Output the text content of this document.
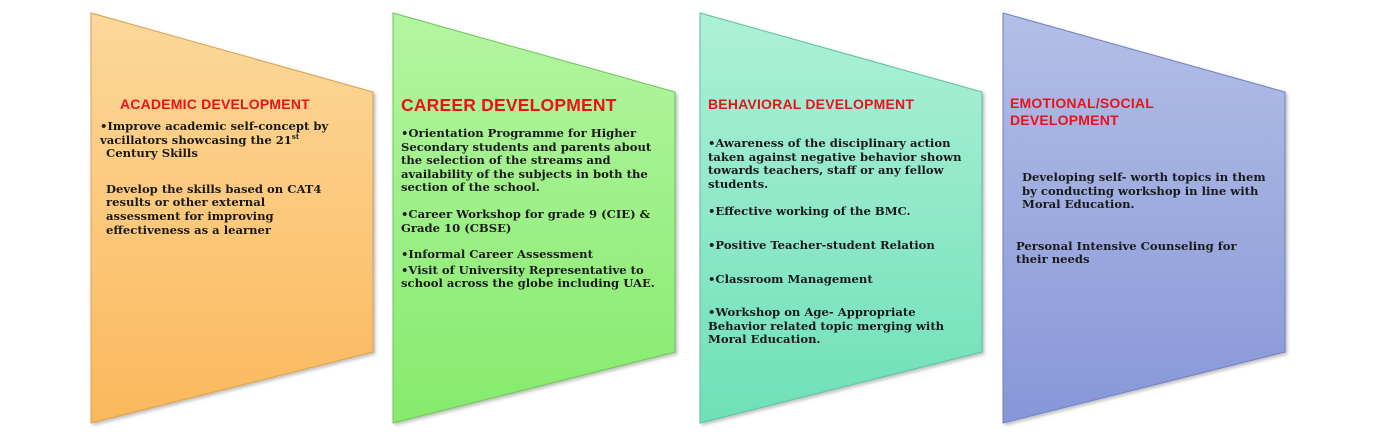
ACADEMIC DEVELOPMENT

•Improve academic self-concept by vacillators showcasing the 21st
Century Skills

Develop the skills based on CAT4 results or other external assessment for improving effectiveness as a learner

CAREER DEVELOPMENT

•Orientation Programme for Higher Secondary students and parents about the selection of the streams and availability of the subjects in both the section of the school.

•Career Workshop for grade 9 (CIE) & Grade 10 (CBSE)

•Informal Career Assessment

•Visit of University Representative to school across the globe including UAE.

BEHAVIORAL DEVELOPMENT

•Awareness of the disciplinary action taken against negative behavior shown towards teachers, staff or any fellow students.

•Effective working of the BMC.

•Positive Teacher-student Relation

•Classroom Management

•Workshop on Age- Appropriate Behavior related topic merging with Moral Education.

EMOTIONAL/SOCIAL DEVELOPMENT

Developing self- worth topics in them by conducting workshop in line with Moral Education.

Personal Intensive Counseling for their needs
